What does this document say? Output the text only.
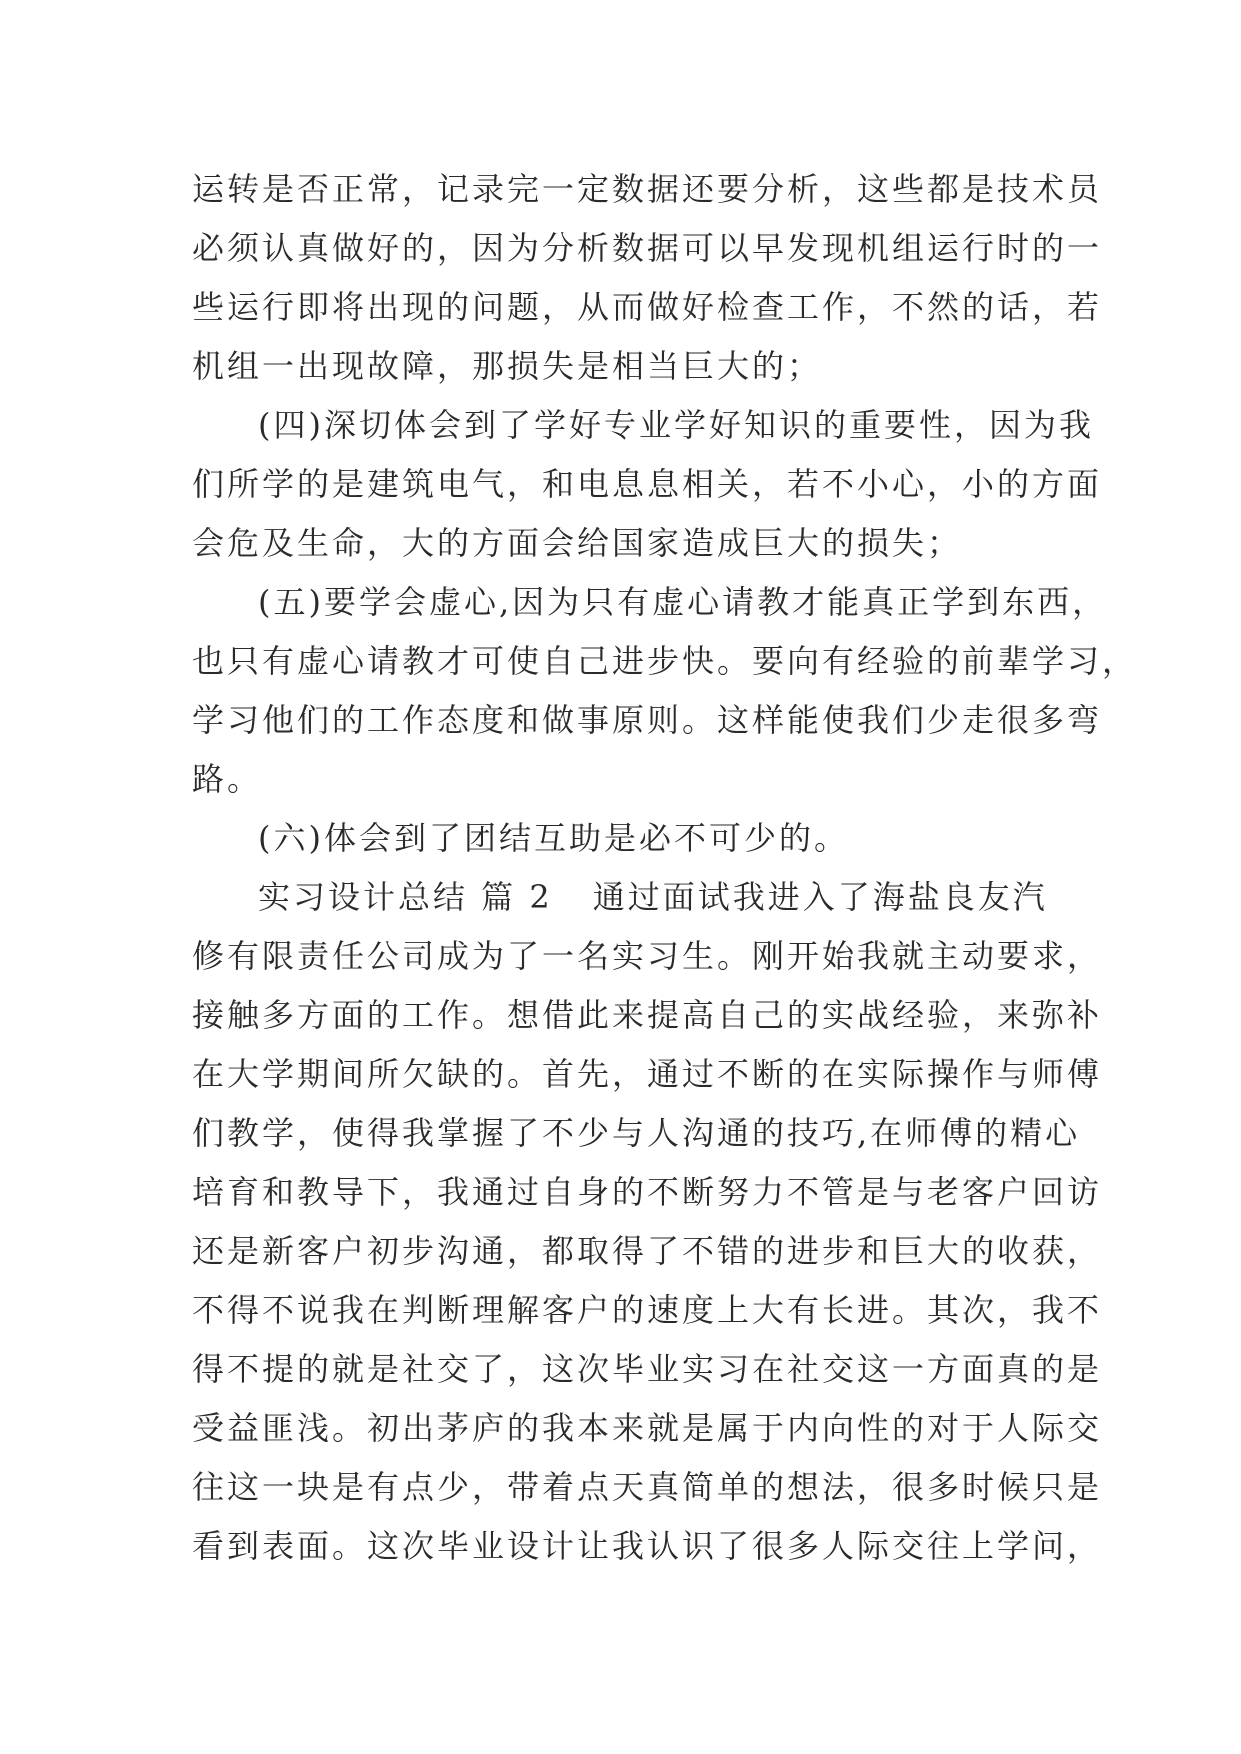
运转是否正常，记录完一定数据还要分析，这些都是技术员
必须认真做好的，因为分析数据可以早发现机组运行时的一
些运行即将出现的问题，从而做好检查工作，不然的话，若
机组一出现故障，那损失是相当巨大的；
(四)深切体会到了学好专业学好知识的重要性，因为我
们所学的是建筑电气，和电息息相关，若不小心，小的方面
会危及生命，大的方面会给国家造成巨大的损失；
(五)要学会虚心,因为只有虚心请教才能真正学到东西，
也只有虚心请教才可使自己进步快。要向有经验的前辈学习，
学习他们的工作态度和做事原则。这样能使我们少走很多弯
路。
(六)体会到了团结互助是必不可少的。
实习设计总结 篇 2 通过面试我进入了海盐良友汽
修有限责任公司成为了一名实习生。刚开始我就主动要求，
接触多方面的工作。想借此来提高自己的实战经验，来弥补
在大学期间所欠缺的。首先，通过不断的在实际操作与师傅
们教学，使得我掌握了不少与人沟通的技巧,在师傅的精心
培育和教导下，我通过自身的不断努力不管是与老客户回访
还是新客户初步沟通，都取得了不错的进步和巨大的收获，
不得不说我在判断理解客户的速度上大有长进。其次，我不
得不提的就是社交了，这次毕业实习在社交这一方面真的是
受益匪浅。初出茅庐的我本来就是属于内向性的对于人际交
往这一块是有点少，带着点天真简单的想法，很多时候只是
看到表面。这次毕业设计让我认识了很多人际交往上学问，
